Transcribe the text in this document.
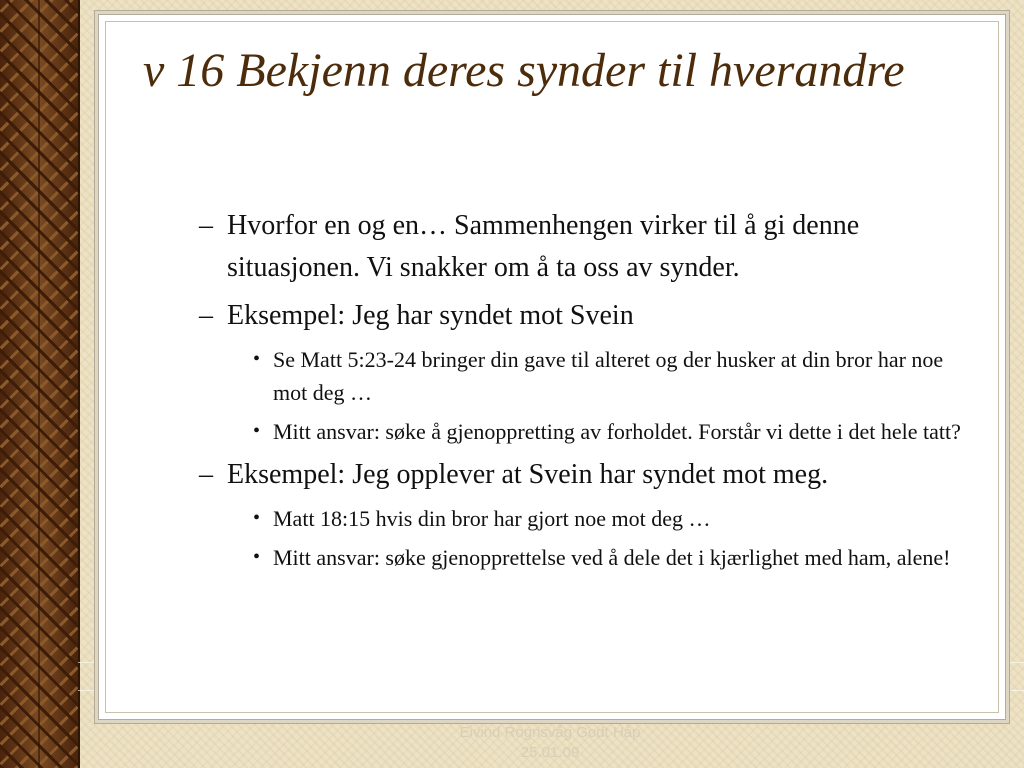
v 16 Bekjenn deres synder til hverandre

– Hvorfor en og en… Sammenhengen virker til å gi denne situasjonen. Vi snakker om å ta oss av synder.

– Eksempel: Jeg har syndet mot Svein

• Se Matt 5:23-24 bringer din gave til alteret og der husker at din bror har noe mot deg …

• Mitt ansvar: søke å gjenoppretting av forholdet. Forstår vi dette i det hele tatt?

– Eksempel: Jeg opplever at Svein har syndet mot meg.

• Matt 18:15 hvis din bror har gjort noe mot deg …

• Mitt ansvar: søke gjenopprettelse ved å dele det i kjærlighet med ham, alene!

Eivind Rognsvåg Godt Håp
25.01.09
